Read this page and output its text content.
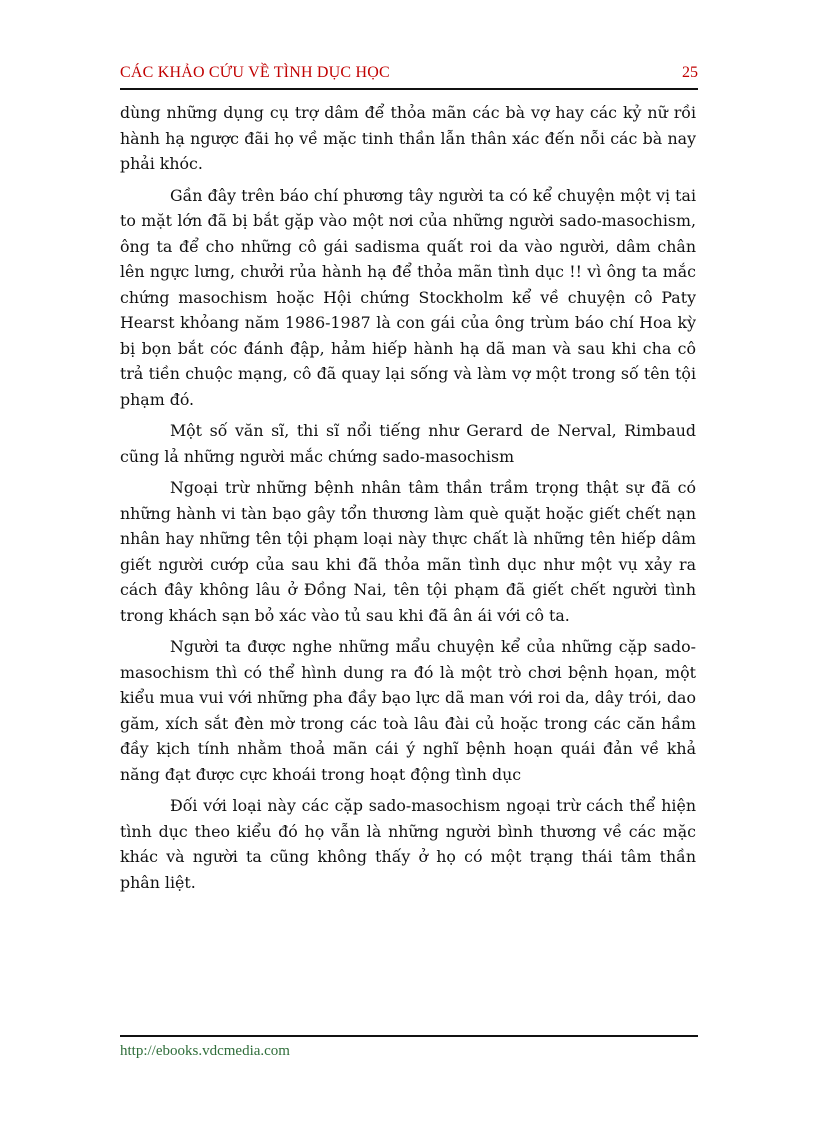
CÁC KHẢO CỨU VỀ TÌNH DỤC HỌC	25

dùng những dụng cụ trợ dâm để thỏa mãn các bà vợ hay các kỷ nữ rồi hành hạ ngược đãi họ về mặc tinh thần lẫn thân xác đến nỗi các bà nay phải khóc.

Gần đây trên báo chí phương tây người ta có kể chuyện một vị tai to mặt lớn đã bị bắt gặp vào một nơi của những người sado-masochism, ông ta để cho những cô gái sadisma quất roi da vào người, dâm chân lên ngực lưng, chưởi rủa hành hạ để thỏa mãn tình dục !! vì ông ta mắc chứng masochism hoặc Hội chứng Stockholm kể về chuyện cô Paty Hearst khỏang năm 1986-1987 là con gái của ông trùm báo chí Hoa kỳ bị bọn bắt cóc đánh đập, hảm hiếp hành hạ dã man và sau khi cha cô trả tiền chuộc mạng, cô đã quay lại sống và làm vợ một trong số tên tội phạm đó.

Một số văn sĩ, thi sĩ nổi tiếng như Gerard de Nerval, Rimbaud cũng lả những người mắc chứng sado-masochism

Ngoại trừ những bệnh nhân tâm thần trầm trọng thật sự đã có những hành vi tàn bạo gây tổn thương làm què quặt hoặc giết chết nạn nhân hay những tên tội phạm loại này thực chất là những tên hiếp dâm giết người cướp của sau khi đã thỏa mãn tình dục như một vụ xảy ra cách đây không lâu ở Đồng Nai, tên tội phạm đã giết chết người tình trong khách sạn bỏ xác vào tủ sau khi đã ân ái với cô ta.

Người ta được nghe những mẩu chuyện kể của những cặp sado-masochism thì có thể hình dung ra đó là một trò chơi bệnh họan, một kiểu mua vui với những pha đầy bạo lực dã man với roi da, dây trói, dao găm, xích sắt đèn mờ trong các toà lâu đài củ hoặc trong các căn hầm đầy kịch tính nhằm thoả mãn cái ý nghĩ bệnh hoạn quái đản về khả năng đạt được cực khoái trong hoạt động tình dục

Đối với loại này các cặp sado-masochism ngoại trừ cách thể hiện tình dục theo kiểu đó họ vẫn là những người bình thương về các mặc khác và người ta cũng không thấy ở họ có một trạng thái tâm thần phân liệt.

http://ebooks.vdcmedia.com
